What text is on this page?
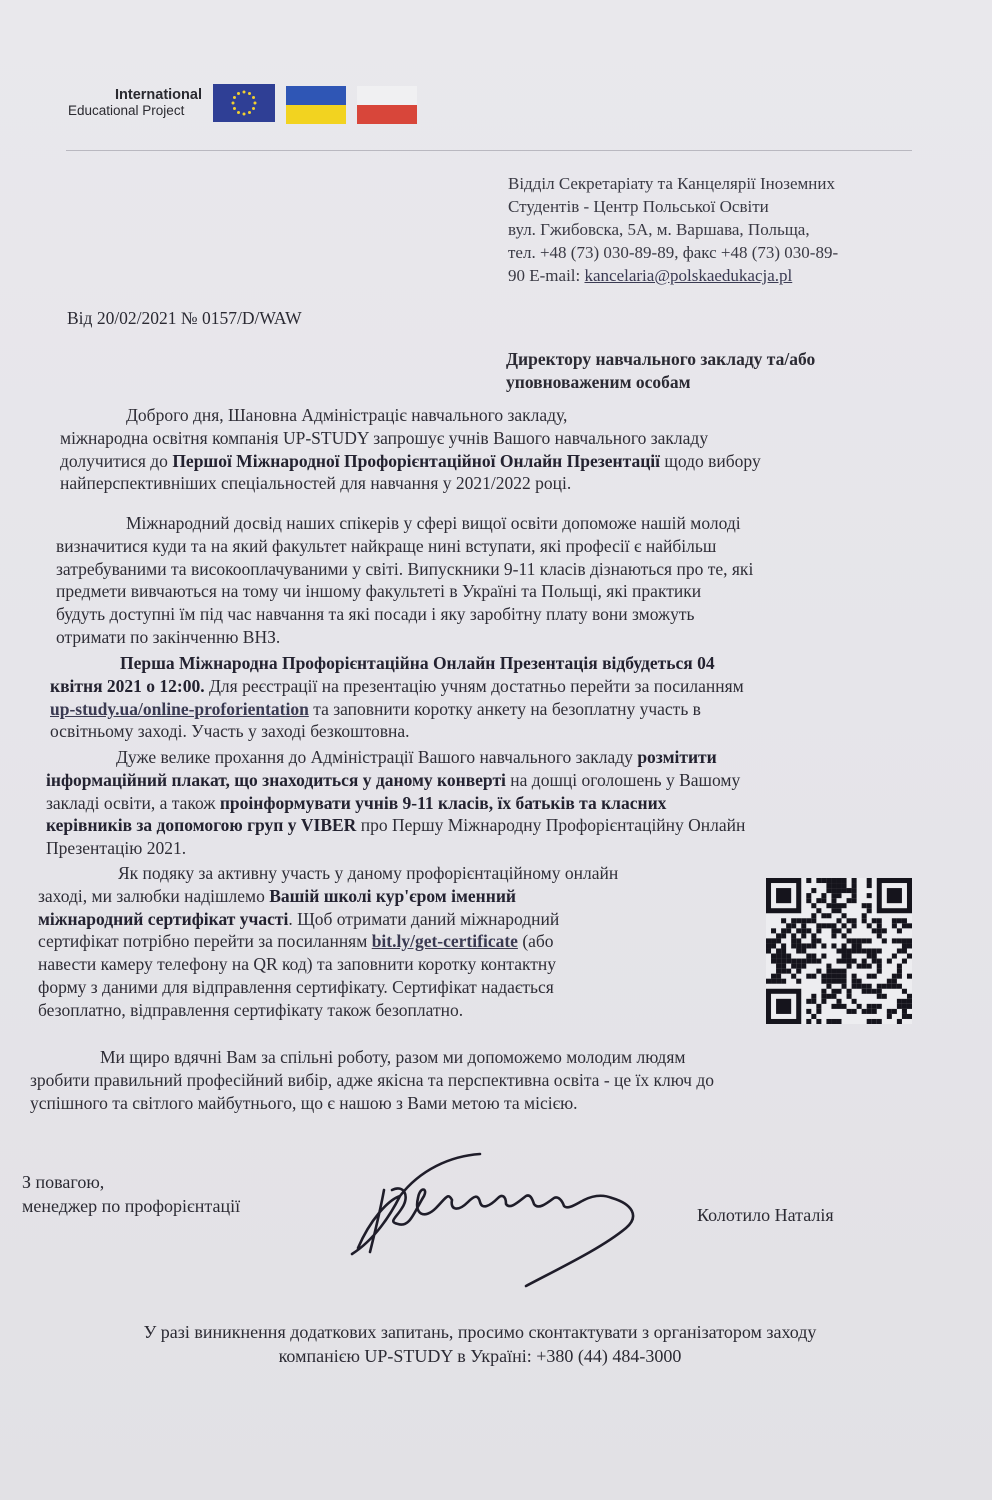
International
Educational Project
Відділ Секретаріату та Канцелярії Іноземних
Студентів - Центр Польської Освіти
вул. Гжибовска, 5А, м. Варшава, Польща,
тел. +48 (73) 030-89-89, факс +48 (73) 030-89-
90 E-mail: kancelaria@polskaedukacja.pl
Від 20/02/2021 № 0157/D/WAW
Директору навчального закладу та/або
уповноваженим особам
Доброго дня, Шановна Адміністраціє навчального закладу,
міжнародна освітня компанія UP-STUDY запрошує учнів Вашого навчального закладу
долучитися до Першої Міжнародної Профорієнтаційної Онлайн Презентації щодо вибору
найперспективніших спеціальностей для навчання у 2021/2022 році.
Міжнародний досвід наших спікерів у сфері вищої освіти допоможе нашій молоді
визначитися куди та на який факультет найкраще нині вступати, які професії є найбільш
затребуваними та високооплачуваними у світі. Випускники 9-11 класів дізнаються про те, які
предмети вивчаються на тому чи іншому факультеті в Україні та Польщі, які практики
будуть доступні їм під час навчання та які посади і яку заробітну плату вони зможуть
отримати по закінченню ВНЗ.
Перша Міжнародна Профорієнтаційна Онлайн Презентація відбудеться 04
квітня 2021 о 12:00. Для реєстрації на презентацію учням достатньо перейти за посиланням
up-study.ua/online-proforientation та заповнити коротку анкету на безоплатну участь в
освітньому заході. Участь у заході безкоштовна.
Дуже велике прохання до Адміністрації Вашого навчального закладу розмітити
інформаційний плакат, що знаходиться у даному конверті на дошці оголошень у Вашому
закладі освіти, а також проінформувати учнів 9-11 класів, їх батьків та класних
керівників за допомогою груп у VIBER про Першу Міжнародну Профорієнтаційну Онлайн
Презентацію 2021.
Як подяку за активну участь у даному профорієнтаційному онлайн
заході, ми залюбки надішлемо Вашій школі кур'єром іменний
міжнародний сертифікат участі. Щоб отримати даний міжнародний
сертифікат потрібно перейти за посиланням bit.ly/get-certificate (або
навести камеру телефону на QR код) та заповнити коротку контактну
форму з даними для відправлення сертифікату. Сертифікат надається
безоплатно, відправлення сертифікату також безоплатно.
Ми щиро вдячні Вам за спільні роботу, разом ми допоможемо молодим людям
зробити правильний професійний вибір, адже якісна та перспективна освіта - це їх ключ до
успішного та світлого майбутнього, що є нашою з Вами метою та місією.
З повагою,
менеджер по профорієнтації	Колотило Наталія
У разі виникнення додаткових запитань, просимо сконтактувати з організатором заходу
компанією UP-STUDY в Україні: +380 (44) 484-3000
